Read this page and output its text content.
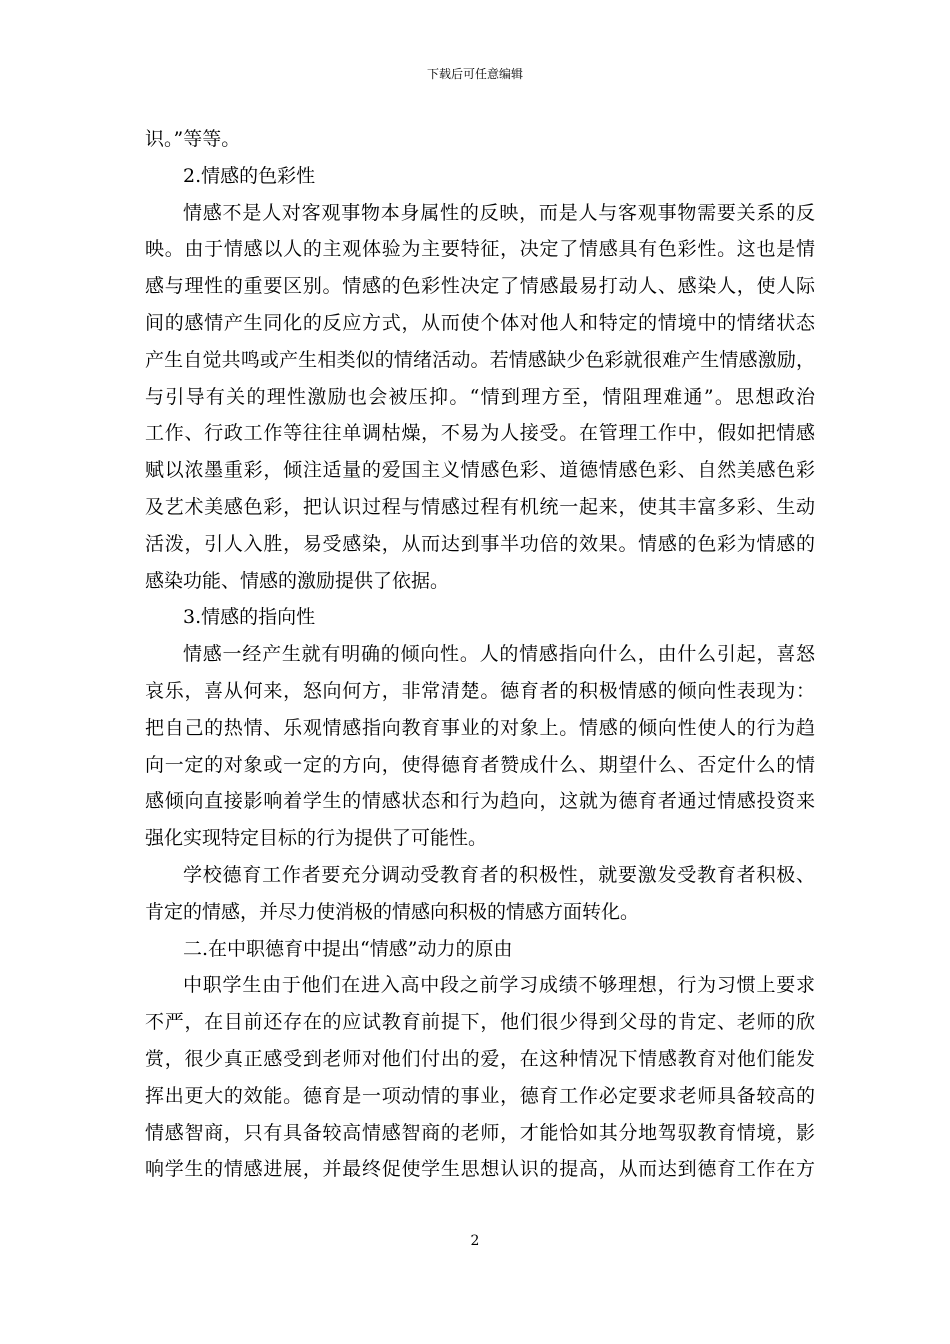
下载后可任意编辑
识。”等等。
2.情感的色彩性
情感不是人对客观事物本身属性的反映，而是人与客观事物需要关系的反
映。由于情感以人的主观体验为主要特征，决定了情感具有色彩性。这也是情
感与理性的重要区别。情感的色彩性决定了情感最易打动人、感染人，使人际
间的感情产生同化的反应方式，从而使个体对他人和特定的情境中的情绪状态
产生自觉共鸣或产生相类似的情绪活动。若情感缺少色彩就很难产生情感激励，
与引导有关的理性激励也会被压抑。“情到理方至，情阻理难通”。思想政治
工作、行政工作等往往单调枯燥，不易为人接受。在管理工作中，假如把情感
赋以浓墨重彩，倾注适量的爱国主义情感色彩、道德情感色彩、自然美感色彩
及艺术美感色彩，把认识过程与情感过程有机统一起来，使其丰富多彩、生动
活泼，引人入胜，易受感染，从而达到事半功倍的效果。情感的色彩为情感的
感染功能、情感的激励提供了依据。
3.情感的指向性
情感一经产生就有明确的倾向性。人的情感指向什么，由什么引起，喜怒
哀乐，喜从何来，怒向何方，非常清楚。德育者的积极情感的倾向性表现为：
把自己的热情、乐观情感指向教育事业的对象上。情感的倾向性使人的行为趋
向一定的对象或一定的方向，使得德育者赞成什么、期望什么、否定什么的情
感倾向直接影响着学生的情感状态和行为趋向，这就为德育者通过情感投资来
强化实现特定目标的行为提供了可能性。
学校德育工作者要充分调动受教育者的积极性，就要激发受教育者积极、
肯定的情感，并尽力使消极的情感向积极的情感方面转化。
二.在中职德育中提出“情感”动力的原由
中职学生由于他们在进入高中段之前学习成绩不够理想，行为习惯上要求
不严，在目前还存在的应试教育前提下，他们很少得到父母的肯定、老师的欣
赏，很少真正感受到老师对他们付出的爱，在这种情况下情感教育对他们能发
挥出更大的效能。德育是一项动情的事业，德育工作必定要求老师具备较高的
情感智商，只有具备较高情感智商的老师，才能恰如其分地驾驭教育情境，影
响学生的情感进展，并最终促使学生思想认识的提高，从而达到德育工作在方
2
